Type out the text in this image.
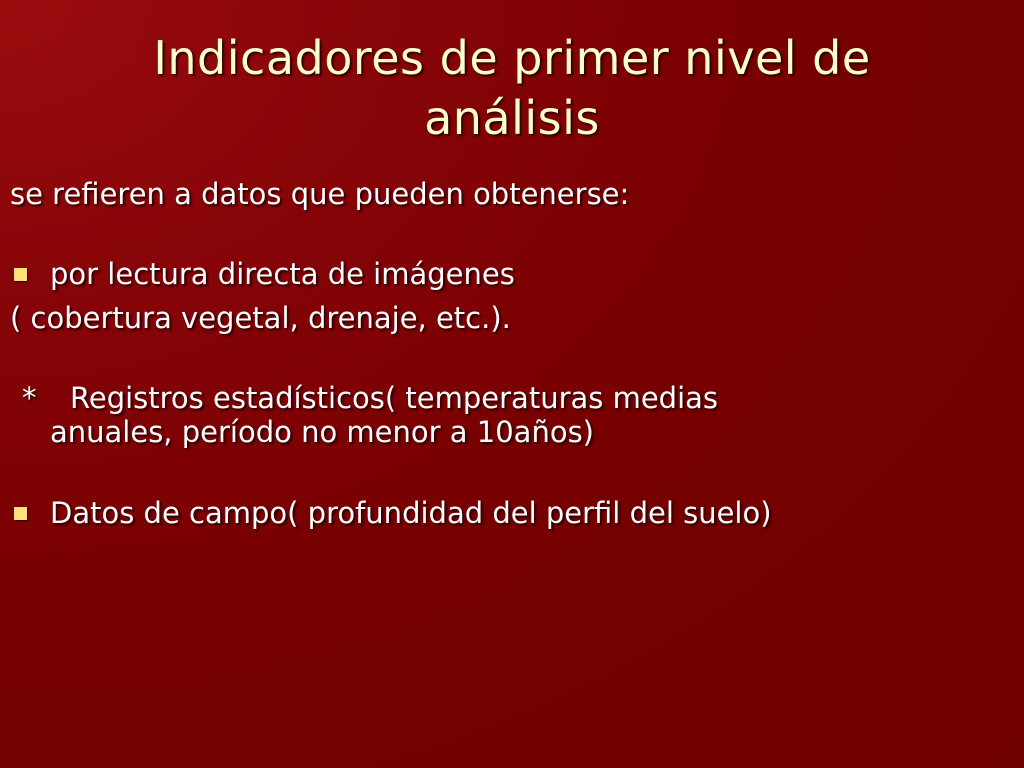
Indicadores de primer nivel de
análisis
se refieren a datos que pueden obtenerse:
por lectura directa de imágenes
( cobertura vegetal, drenaje, etc.).
* Registros estadísticos( temperaturas medias
anuales, período no menor a 10años)
Datos de campo( profundidad del perfil del suelo)
